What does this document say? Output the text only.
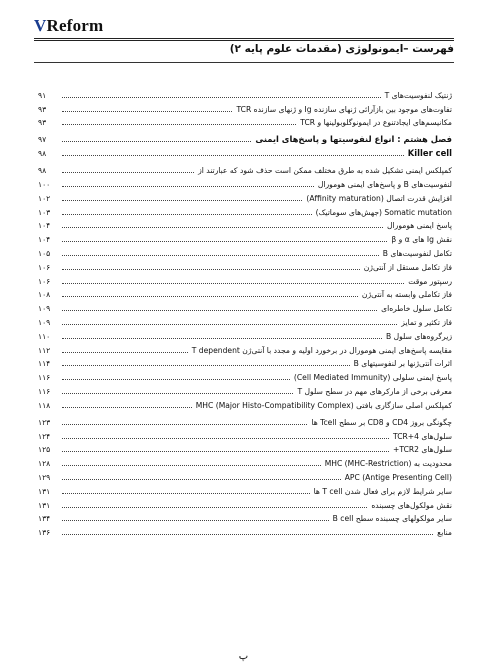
VReform
فهرست –ایمونولوژی (مقدمات علوم پایه ۲)
ژنتیک لنفوسیت‌های T
۹۱
تفاوت‌های موجود بین بازآرائی ژنهای سازنده Ig و ژنهای سازنده TCR
۹۳
مکانیسم‌های ایجادتنوع در ایمونوگلوبولینها و TCR
۹۳
فصل هشتم : انواع لنفوسیتها و پاسخ‌های ایمنی
۹۷
Killer cell
۹۸
کمپلکس ایمنی تشکیل شده به طرق مختلف ممکن است حذف شود که عبارتند از
۹۸
لنفوسیت‌های B و پاسخ‌های ایمنی هومورال
۱۰۰
افزایش قدرت اتصال (Affinity maturation)
۱۰۲
Somatic mutation (جهش‌های سوماتیک)
۱۰۳
پاسخ ایمنی هومورال
۱۰۴
نقش Ig های α و β
۱۰۴
تکامل لنفوسیت‌های B
۱۰۵
فاز تکامل مستقل از آنتی‌ژن
۱۰۶
رسپتور موقت
۱۰۶
فاز تکاملی وابسته به آنتی‌ژن
۱۰۸
تکامل سلول خاطره‌ای
۱۰۹
فاز تکثیر و تمایز
۱۰۹
زیرگروه‌های سلول B
۱۱۰
مقایسه پاسخ‌های ایمنی هومورال در برخورد اولیه و مجدد با آنتی‌ژن T dependent
۱۱۲
اثرات آنتی‌ژنها بر لنفوسیتهای B
۱۱۴
پاسخ ایمنی سلولی (Cell Mediated Immunity)
۱۱۶
معرفی برخی از مارکرهای مهم در سطح سلول T
۱۱۶
کمپلکس اصلی سازگاری بافتی (Major Histo-Compatibility Complex) MHC
۱۱۸
چگونگی بروز CD4 و CD8 بر سطح Tcell ها
۱۲۳
سلول‌های TCR+4
۱۲۴
سلول‌های TCR2+
۱۲۵
محدودیت به MHC (MHC-Restriction)
۱۲۸
APC (Antige Presenting Cell)
۱۲۹
سایر شرایط لازم برای فعال شدن T cell ها
۱۳۱
نقش مولکول‌های چسبنده
۱۳۱
سایر مولکولهای چسبنده سطح B cell
۱۳۴
منابع
۱۳۶
پ
